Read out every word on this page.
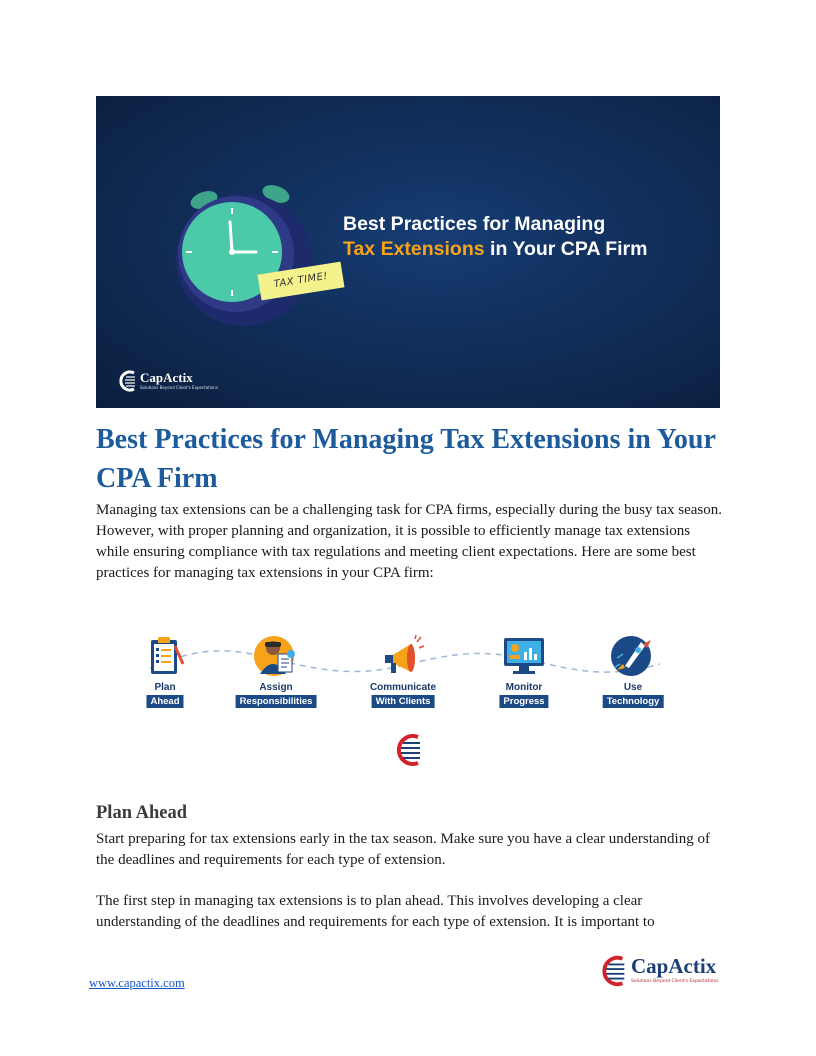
TAX TIME!
Best Practices for Managing
Tax Extensions in Your CPA Firm
CapActix
Solutions Beyond Client's Expectations
Best Practices for Managing Tax Extensions in Your CPA Firm

Managing tax extensions can be a challenging task for CPA firms, especially during the busy tax season. However, with proper planning and organization, it is possible to efficiently manage tax extensions while ensuring compliance with tax regulations and meeting client expectations. Here are some best practices for managing tax extensions in your CPA firm:

Plan
Ahead
Assign
Responsibilities
Communicate
With Clients
Monitor
Progress
Use
Technology
Plan Ahead

Start preparing for tax extensions early in the tax season. Make sure you have a clear understanding of the deadlines and requirements for each type of extension.

The first step in managing tax extensions is to plan ahead. This involves developing a clear understanding of the deadlines and requirements for each type of extension. It is important to

www.capactix.com
CapActix
Solutions Beyond Client's Expectations
